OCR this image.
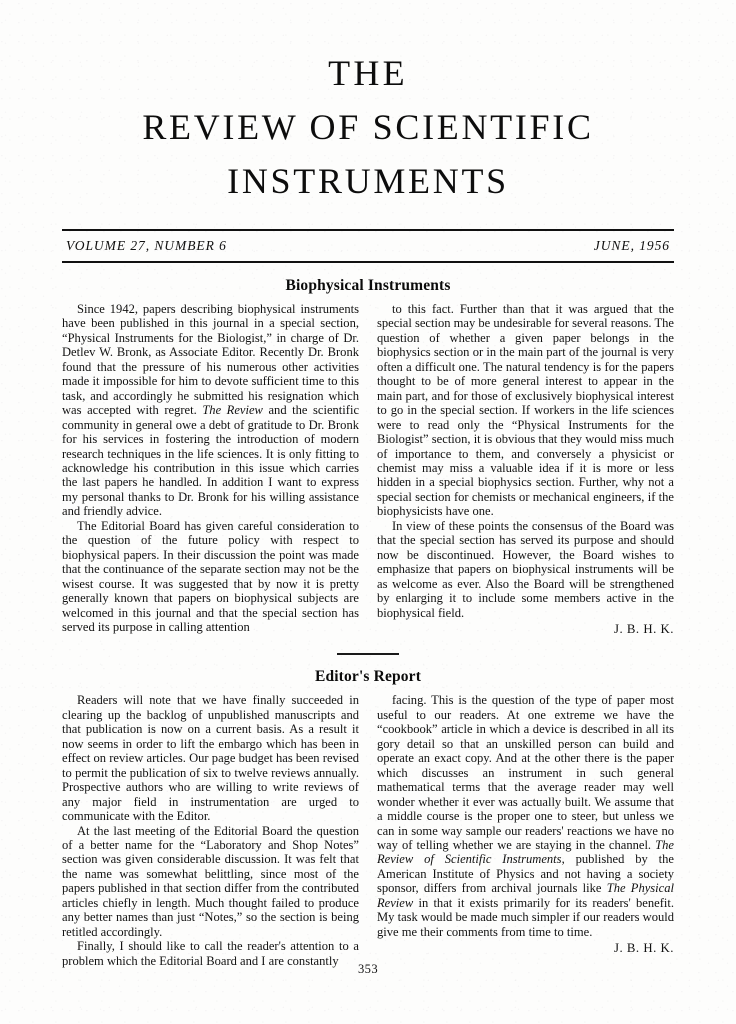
THE
REVIEW OF SCIENTIFIC
INSTRUMENTS
VOLUME 27, NUMBER 6	JUNE, 1956
Biophysical Instruments

Since 1942, papers describing biophysical instruments have been published in this journal in a special section, “Physical Instruments for the Biologist,” in charge of Dr. Detlev W. Bronk, as Associate Editor. Recently Dr. Bronk found that the pressure of his numerous other activities made it impossible for him to devote sufficient time to this task, and accordingly he submitted his resignation which was accepted with regret. The Review and the scientific community in general owe a debt of gratitude to Dr. Bronk for his services in fostering the introduction of modern research techniques in the life sciences. It is only fitting to acknowledge his contribution in this issue which carries the last papers he handled. In addition I want to express my personal thanks to Dr. Bronk for his willing assistance and friendly advice.

The Editorial Board has given careful consideration to the question of the future policy with respect to biophysical papers. In their discussion the point was made that the continuance of the separate section may not be the wisest course. It was suggested that by now it is pretty generally known that papers on biophysical subjects are welcomed in this journal and that the special section has served its purpose in calling attention

to this fact. Further than that it was argued that the special section may be undesirable for several reasons. The question of whether a given paper belongs in the biophysics section or in the main part of the journal is very often a difficult one. The natural tendency is for the papers thought to be of more general interest to appear in the main part, and for those of exclusively biophysical interest to go in the special section. If workers in the life sciences were to read only the “Physical Instruments for the Biologist” section, it is obvious that they would miss much of importance to them, and conversely a physicist or chemist may miss a valuable idea if it is more or less hidden in a special biophysics section. Further, why not a special section for chemists or mechanical engineers, if the biophysicists have one.

In view of these points the consensus of the Board was that the special section has served its purpose and should now be discontinued. However, the Board wishes to emphasize that papers on biophysical instruments will be as welcome as ever. Also the Board will be strengthened by enlarging it to include some members active in the biophysical field.

J. B. H. K.
Editor's Report

Readers will note that we have finally succeeded in clearing up the backlog of unpublished manuscripts and that publication is now on a current basis. As a result it now seems in order to lift the embargo which has been in effect on review articles. Our page budget has been revised to permit the publication of six to twelve reviews annually. Prospective authors who are willing to write reviews of any major field in instrumentation are urged to communicate with the Editor.

At the last meeting of the Editorial Board the question of a better name for the “Laboratory and Shop Notes” section was given considerable discussion. It was felt that the name was somewhat belittling, since most of the papers published in that section differ from the contributed articles chiefly in length. Much thought failed to produce any better names than just “Notes,” so the section is being retitled accordingly.

Finally, I should like to call the reader's attention to a problem which the Editorial Board and I are constantly

facing. This is the question of the type of paper most useful to our readers. At one extreme we have the “cookbook” article in which a device is described in all its gory detail so that an unskilled person can build and operate an exact copy. And at the other there is the paper which discusses an instrument in such general mathematical terms that the average reader may well wonder whether it ever was actually built. We assume that a middle course is the proper one to steer, but unless we can in some way sample our readers' reactions we have no way of telling whether we are staying in the channel. The Review of Scientific Instruments, published by the American Institute of Physics and not having a society sponsor, differs from archival journals like The Physical Review in that it exists primarily for its readers' benefit. My task would be made much simpler if our readers would give me their comments from time to time.

J. B. H. K.
353
